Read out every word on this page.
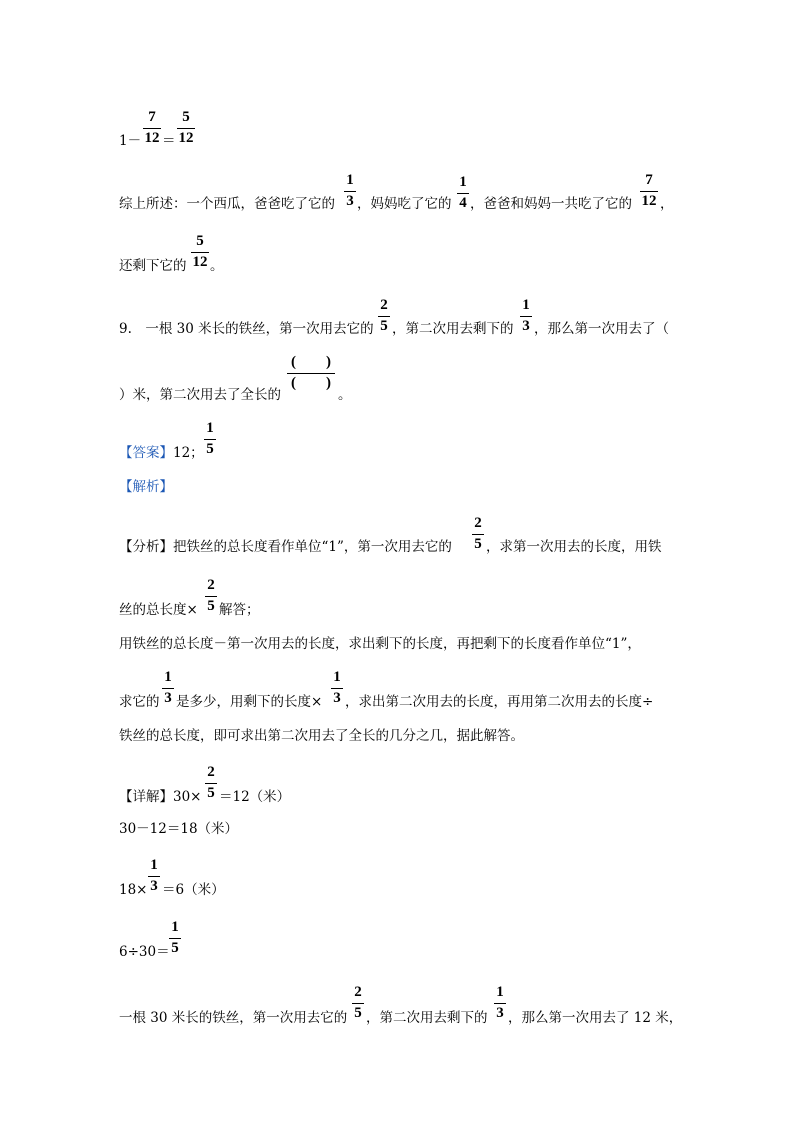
1－
7
12 ＝
5
12
综上所述：一个西瓜，爸爸吃了它的
1
3 ，妈妈吃了它的
1
4 ，爸爸和妈妈一共吃了它的
7
12 ，
还剩下它的
5
12 。
9.　一根 30 米长的铁丝，第一次用去它的
2
5 ，第二次用去剩下的
1
3 ，那么第一次用去了（
）米，第二次用去了全长的
(　　)
(　　)
。
【答案】 12；
1
5
【解析】
【分析】 把铁丝的总长度看作单位“1”，第一次用去它的
2
5 ，求第一次用去的长度，用铁
丝的总长度×
2
5 解答；
用铁丝的总长度－第一次用去的长度，求出剩下的长度，再把剩下的长度看作单位“1”，
求它的
1
3 是多少，用剩下的长度×
1
3 ，求出第二次用去的长度，再用第二次用去的长度÷
铁丝的总长度，即可求出第二次用去了全长的几分之几，据此解答。
【详解】 30×
2
5 ＝12（米）
30－12＝18（米）
18×
1
3 ＝6（米）
6÷30＝
1
5
一根 30 米长的铁丝，第一次用去它的
2
5 ，第二次用去剩下的
1
3 ，那么第一次用去了 12 米，
